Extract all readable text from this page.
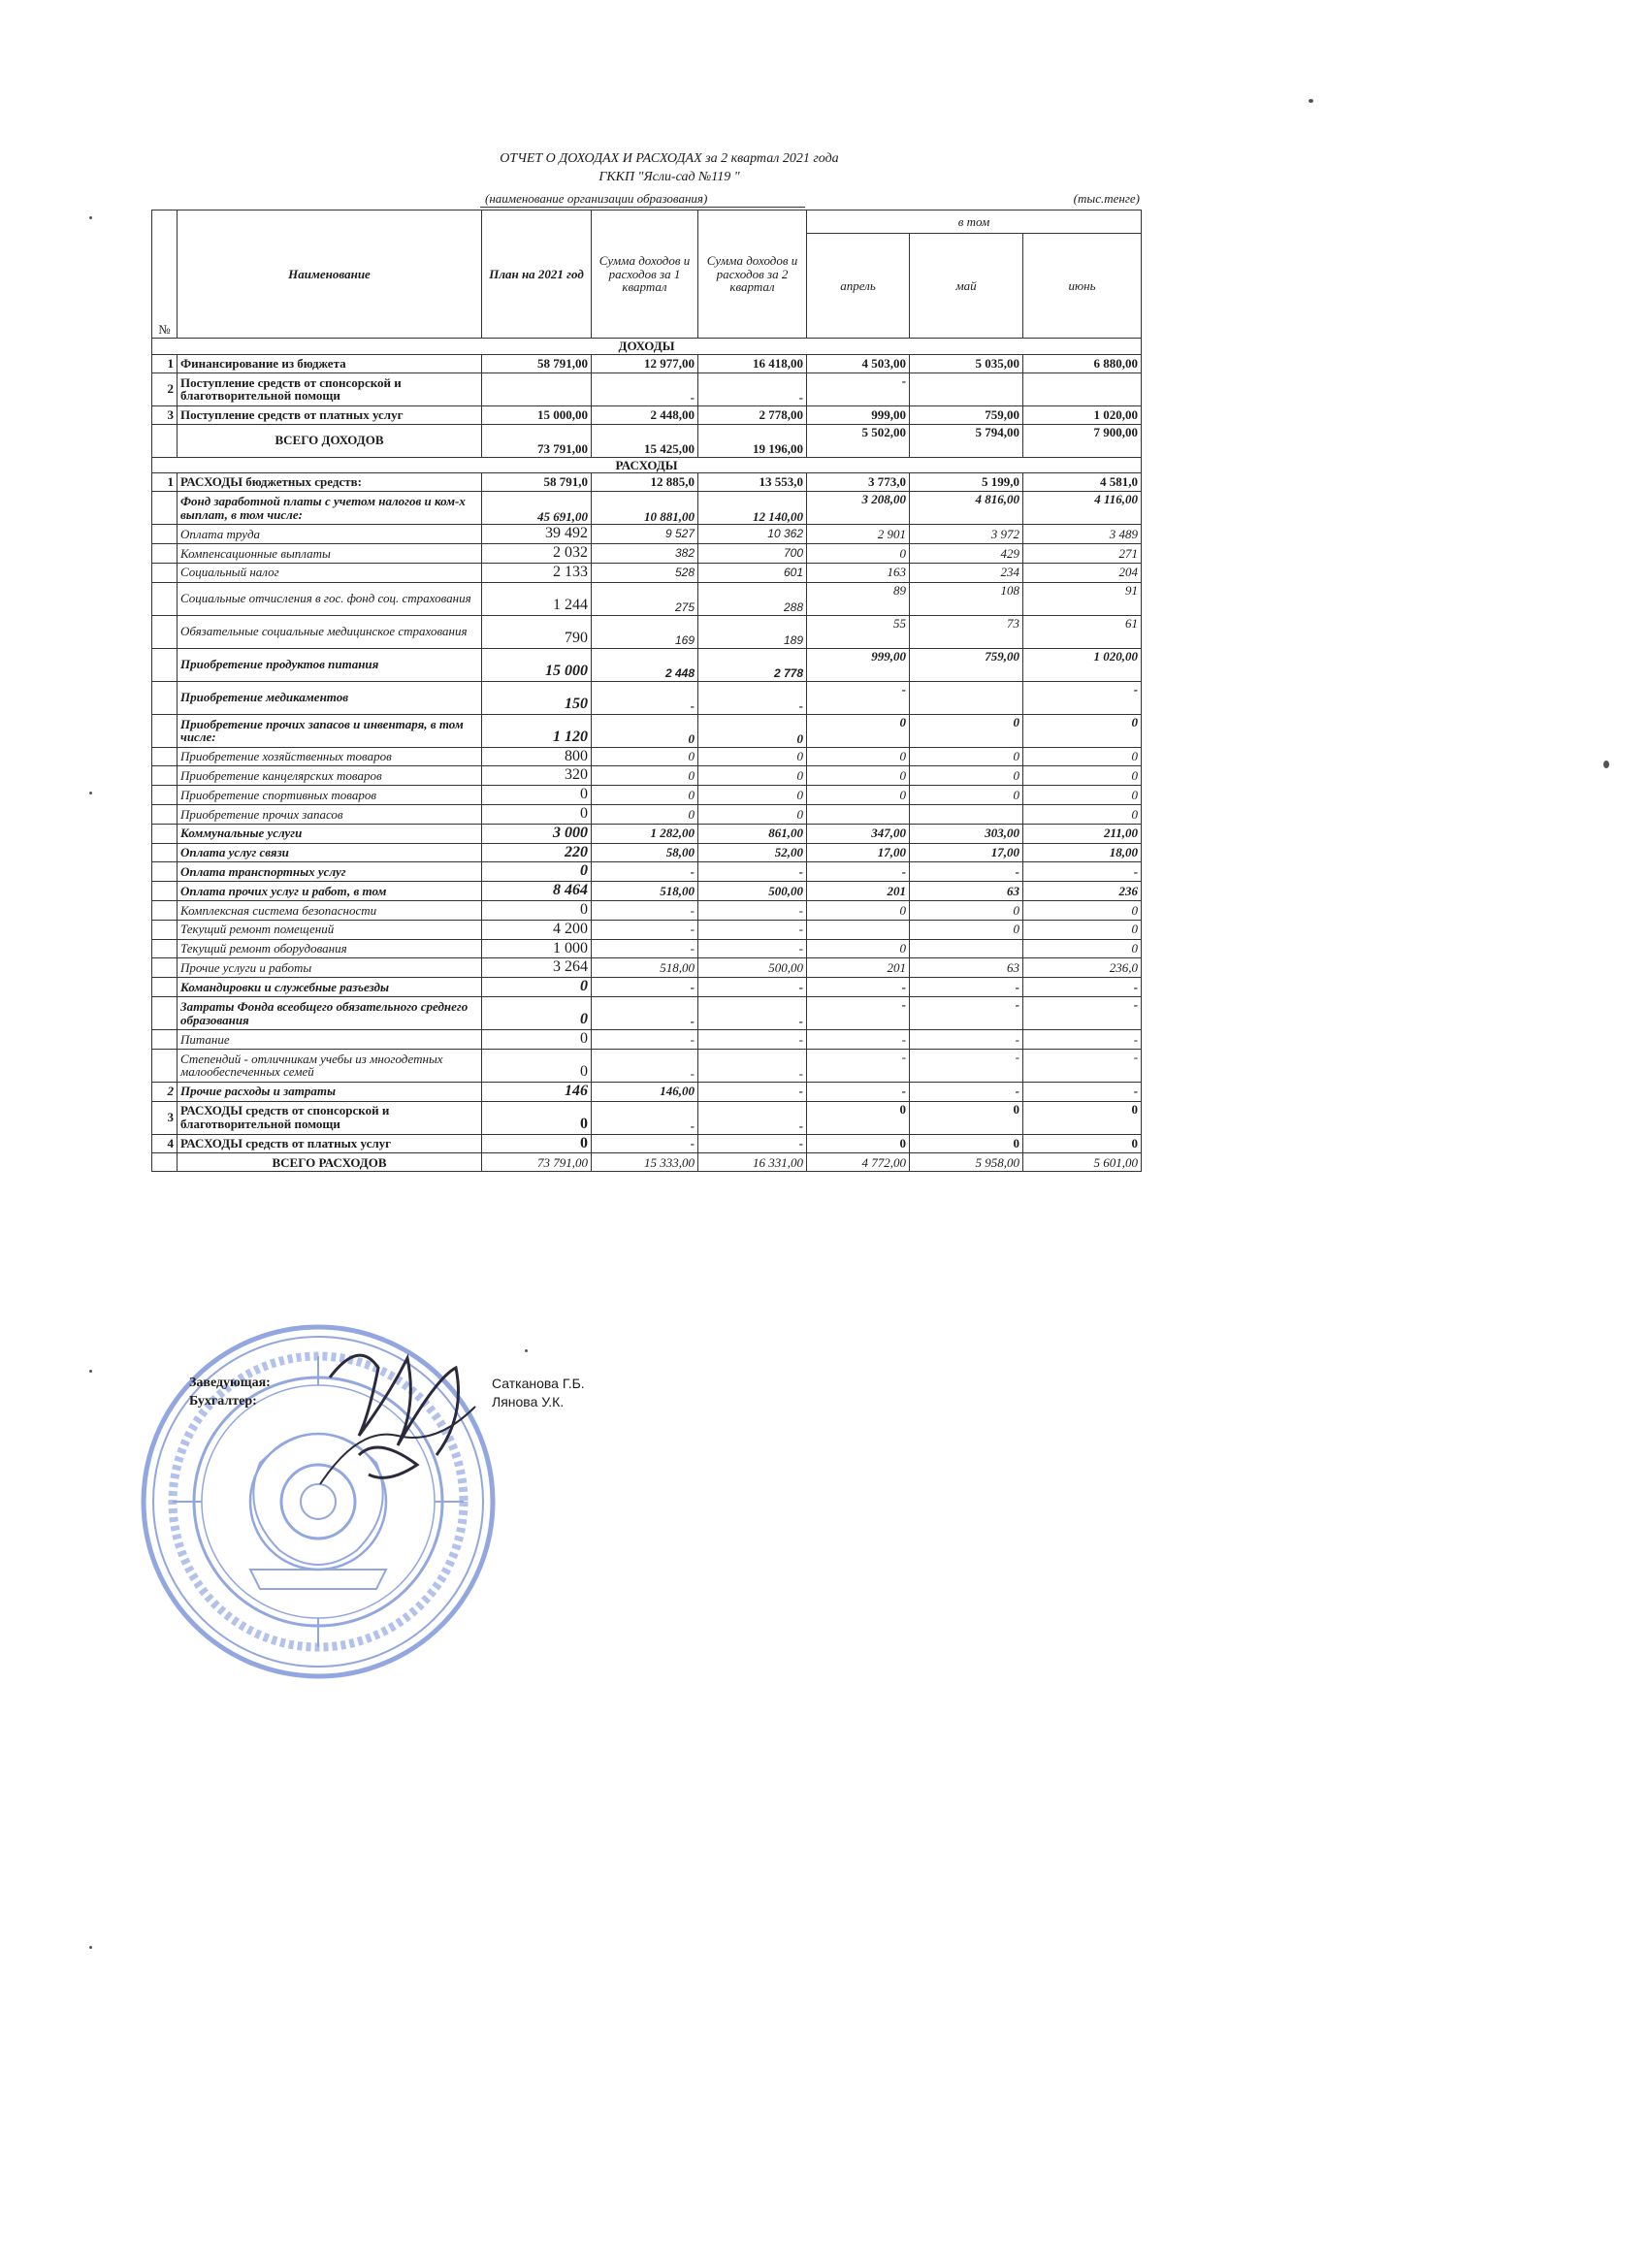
ОТЧЕТ О ДОХОДАХ И РАСХОДАХ за 2 квартал 2021 года
ГККП "Ясли-сад №119 "
(наименование организации образования)	(тыс.тенге)
№	Наименование	План на 2021 год	Сумма доходов и расходов за 1 квартал	Сумма доходов и расходов за 2 квартал	в том		
					апрель	май	июнь
ДОХОДЫ							
1	Финансирование из бюджета	58 791,00	12 977,00	16 418,00	4 503,00	5 035,00	6 880,00
2	Поступление средств от спонсорской и благотворительной помощи		-	-	-		
3	Поступление средств от платных услуг	15 000,00	2 448,00	2 778,00	999,00	759,00	1 020,00
	ВСЕГО ДОХОДОВ	73 791,00	15 425,00	19 196,00	5 502,00	5 794,00	7 900,00
РАСХОДЫ							
1	РАСХОДЫ бюджетных средств:	58 791,0	12 885,0	13 553,0	3 773,0	5 199,0	4 581,0
	Фонд заработной платы с учетом налогов и ком-х выплат, в том числе:	45 691,00	10 881,00	12 140,00	3 208,00	4 816,00	4 116,00
	Оплата труда	39 492	9 527	10 362	2 901	3 972	3 489
	Компенсационные выплаты	2 032	382	700	0	429	271
	Социальный налог	2 133	528	601	163	234	204
	Социальные отчисления в гос. фонд соц. страхования	1 244	275	288	89	108	91
	Обязательные социальные медицинское страхования	790	169	189	55	73	61
	Приобретение продуктов питания	15 000	2 448	2 778	999,00	759,00	1 020,00
	Приобретение медикаментов	150	-	-	-		-
	Приобретение прочих запасов и инвентаря, в том числе:	1 120	0	0	0	0	0
	Приобретение хозяйственных товаров	800	0	0	0	0	0
	Приобретение канцелярских товаров	320	0	0	0	0	0
	Приобретение спортивных товаров	0	0	0	0	0	0
	Приобретение прочих запасов	0	0	0			0
	Коммунальные услуги	3 000	1 282,00	861,00	347,00	303,00	211,00
	Оплата услуг связи	220	58,00	52,00	17,00	17,00	18,00
	Оплата транспортных услуг	0	-	-	-	-	-
	Оплата прочих услуг и работ, в том	8 464	518,00	500,00	201	63	236
	Комплексная система безопасности	0	-	-	0	0	0
	Текущий ремонт помещений	4 200	-	-		0	0
	Текущий ремонт оборудования	1 000	-	-	0		0
	Прочие услуги и работы	3 264	518,00	500,00	201	63	236,0
	Командировки и служебные разъезды	0	-	-	-	-	-
	Затраты Фонда всеобщего обязательного среднего образования	0	-	-	-	-	-
	Питание	0	-	-	-	-	-
	Степендий - отличникам учебы из многодетных малообеспеченных семей	0	-	-	-	-	-
2	Прочие расходы и затраты	146	146,00	-	-	-	-
3	РАСХОДЫ средств от спонсорской и благотворительной помощи	0	-	-	0	0	0
4	РАСХОДЫ средств от платных услуг	0	-	-	0	0	0
	ВСЕГО РАСХОДОВ	73 791,00	15 333,00	16 331,00	4 772,00	5 958,00	5 601,00
Заведующая:	Сатканова Г.Б.
Бухгалтер:	Лянова У.К.
